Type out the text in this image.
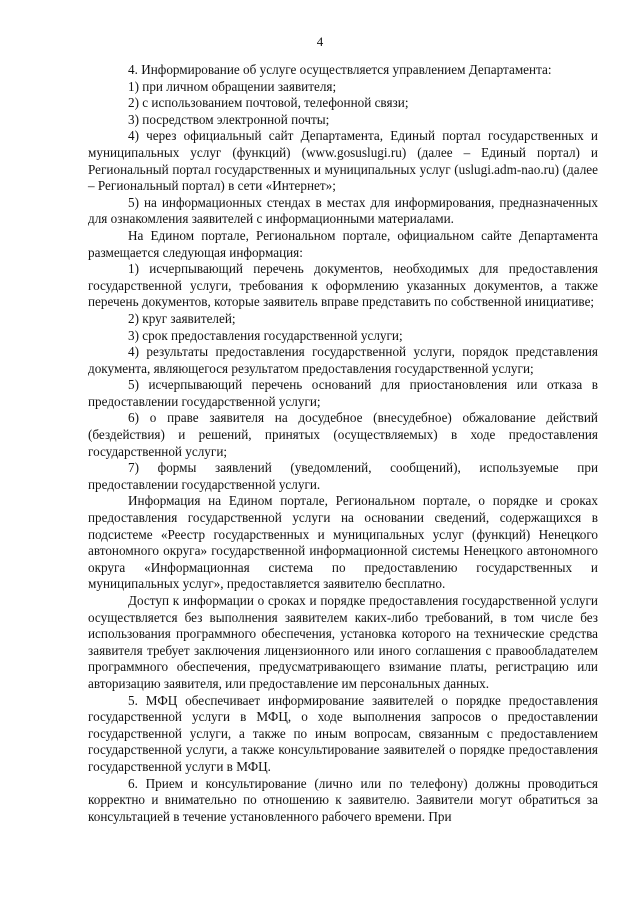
4

4. Информирование об услуге осуществляется управлением Департамента:

1) при личном обращении заявителя;

2) с использованием почтовой, телефонной связи;

3) посредством электронной почты;

4) через официальный сайт Департамента, Единый портал государственных и муниципальных услуг (функций) (www.gosuslugi.ru) (далее – Единый портал) и Региональный портал государственных и муниципальных услуг (uslugi.adm-nao.ru) (далее – Региональный портал) в сети «Интернет»;

5) на информационных стендах в местах для информирования, предназначенных для ознакомления заявителей с информационными материалами.

На Едином портале, Региональном портале, официальном сайте Департамента размещается следующая информация:

1) исчерпывающий перечень документов, необходимых для предоставления государственной услуги, требования к оформлению указанных документов, а также перечень документов, которые заявитель вправе представить по собственной инициативе;

2) круг заявителей;

3) срок предоставления государственной услуги;

4) результаты предоставления государственной услуги, порядок представления документа, являющегося результатом предоставления государственной услуги;

5) исчерпывающий перечень оснований для приостановления или отказа в предоставлении государственной услуги;

6) о праве заявителя на досудебное (внесудебное) обжалование действий (бездействия) и решений, принятых (осуществляемых) в ходе предоставления государственной услуги;

7) формы заявлений (уведомлений, сообщений), используемые при предоставлении государственной услуги.

Информация на Едином портале, Региональном портале, о порядке и сроках предоставления государственной услуги на основании сведений, содержащихся в подсистеме «Реестр государственных и муниципальных услуг (функций) Ненецкого автономного округа» государственной информационной системы Ненецкого автономного округа «Информационная система по предоставлению государственных и муниципальных услуг», предоставляется заявителю бесплатно.

Доступ к информации о сроках и порядке предоставления государственной услуги осуществляется без выполнения заявителем каких-либо требований, в том числе без использования программного обеспечения, установка которого на технические средства заявителя требует заключения лицензионного или иного соглашения с правообладателем программного обеспечения, предусматривающего взимание платы, регистрацию или авторизацию заявителя, или предоставление им персональных данных.

5. МФЦ обеспечивает информирование заявителей о порядке предоставления государственной услуги в МФЦ, о ходе выполнения запросов о предоставлении государственной услуги, а также по иным вопросам, связанным с предоставлением государственной услуги, а также консультирование заявителей о порядке предоставления государственной услуги в МФЦ.

6. Прием и консультирование (лично или по телефону) должны проводиться корректно и внимательно по отношению к заявителю. Заявители могут обратиться за консультацией в течение установленного рабочего времени. При
